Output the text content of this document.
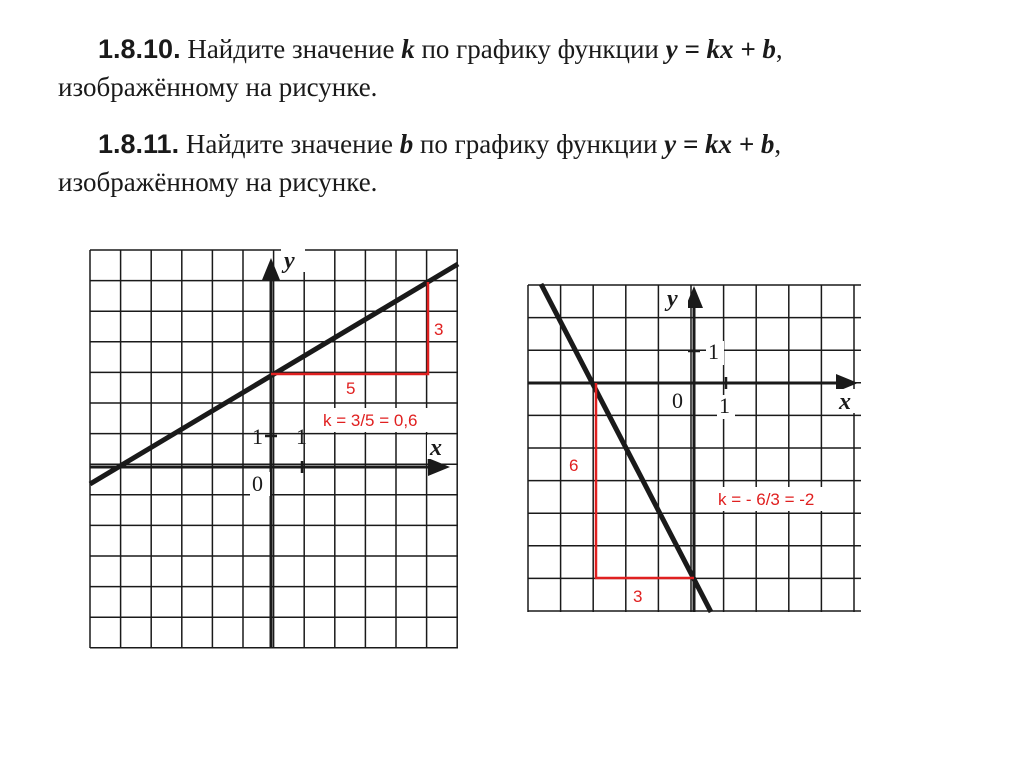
1.8.10. Найдите значение k по графику функции y = kx + b,
изображённому на рисунке.
1.8.11. Найдите значение b по графику функции y = kx + b,
изображённому на рисунке.
y
x
0
1 1
3
5
k = 3/5 = 0,6
y
x
0
1
1
6
3
k = - 6/3 = -2
